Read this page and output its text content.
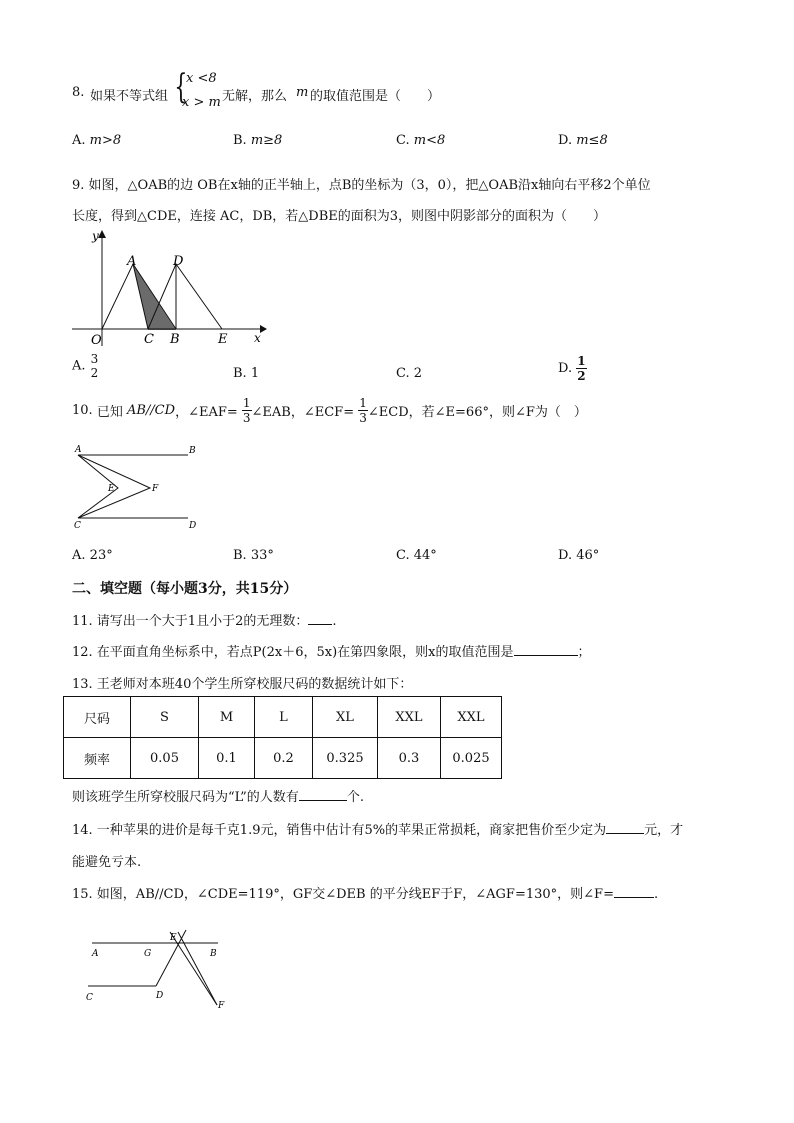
8. 如果不等式组 {
x <8
x > m 无解，那么 m 的取值范围是（　　）
A. m>8	B. m≥8	C. m<8	D. m≤8
9. 如图，△OAB的边 OB在x轴的正半轴上，点B的坐标为（3，0），把△OAB沿x轴向右平移2个单位
长度，得到△CDE，连接 AC，DB，若△DBE的面积为3，则图中阴影部分的面积为（　　）
y
x
O
A	D
C B	E
A. 3
2	B. 1	C. 2	D. $\frac{1}{2}$
10. 已知 AB//CD，∠EAF= $\frac{1}{3}$ ∠EAB，∠ECF= $\frac{1}{3}$ ∠ECD，若∠E=66°，则∠F为（　）
A	B
E	F
C	D
A. 23°	B. 33°	C. 44°	D. 46°
二、填空题（每小题3分，共15分）
11. 请写出一个大于1且小于2的无理数： .
12. 在平面直角坐标系中，若点P(2x＋6，5x)在第四象限，则x的取值范围是	；
13. 王老师对本班40个学生所穿校服尺码的数据统计如下：
尺码	S	M	L	XL	XXL	XXL
频率	0.05	0.1	0.2	0.325	0.3	0.025
则该班学生所穿校服尺码为“L”的人数有	个.
14. 一种苹果的进价是每千克1.9元，销售中估计有5%的苹果正常损耗，商家把售价至少定为	元，才
能避免亏本.
15. 如图，AB//CD，∠CDE=119°，GF交∠DEB 的平分线EF于F，∠AGF=130°，则∠F=	.
E
A	G	B
C	D
F
